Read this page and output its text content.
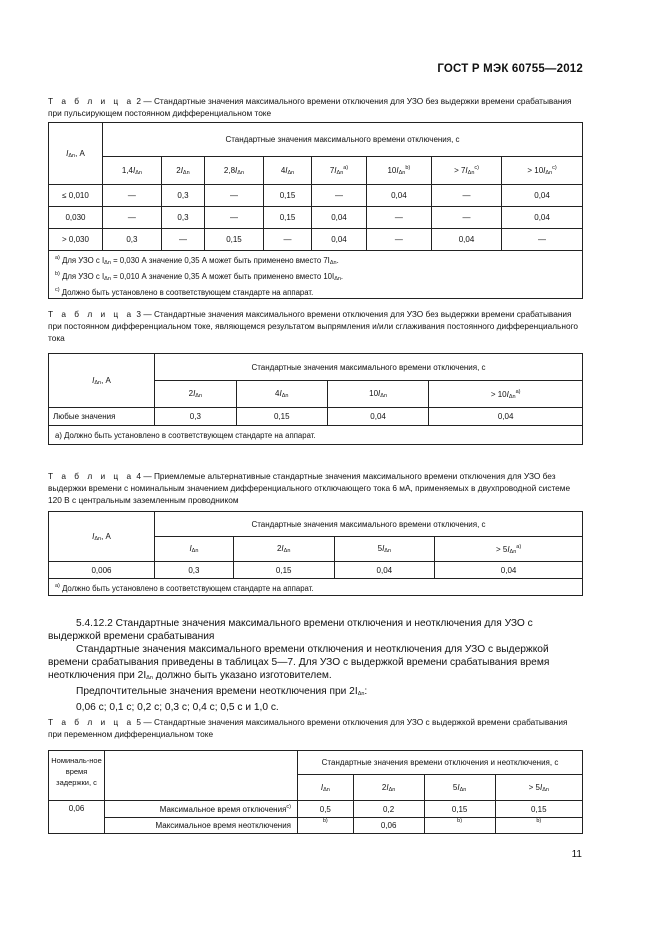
ГОСТ Р МЭК 60755—2012
Т а б л и ц а 2 — Стандартные значения максимального времени отключения для УЗО без выдержки времени срабатывания при пульсирующем постоянном дифференциальном токе
$I_{\Delta n}$, А	Стандартные значения максимального времени отключения, с							
	$1,4I_{\Delta n}$	$2I_{\Delta n}$	$2,8I_{\Delta n}$	$4I_{\Delta n}$	$7I_{\Delta n}^{a)}$	$10I_{\Delta n}^{b)}$	> $7I_{\Delta n}^{c)}$	> $10I_{\Delta n}^{c)}$
≤ 0,010	—	0,3	—	0,15	—	0,04	—	0,04
0,030	—	0,3	—	0,15	0,04	—	—	0,04
> 0,030	0,3	—	0,15	—	0,04	—	0,04	—

$^{a)}$ Для УЗО с $I_{\Delta n} = 0,030$ А значение 0,35 А может быть применено вместо $7I_{\Delta n}$.
$^{b)}$ Для УЗО с $I_{\Delta n} = 0,010$ А значение 0,35 А может быть применено вместо $10I_{\Delta n}$.
$^{c)}$ Должно быть установлено в соответствующем стандарте на аппарат.								
Т а б л и ц а 3 — Стандартные значения максимального времени отключения для УЗО без выдержки времени срабатывания при постоянном дифференциальном токе, являющемся результатом выпрямления и/или сглаживания постоянного дифференциального тока
$I_{\Delta n}$, А	Стандартные значения максимального времени отключения, с			
	$2I_{\Delta n}$	$4I_{\Delta n}$	$10I_{\Delta n}$	> $10I_{\Delta n}^{a)}$
Любые значения	0,3	0,15	0,04	0,04
a) Должно быть установлено в соответствующем стандарте на аппарат.				
Т а б л и ц а 4 — Приемлемые альтернативные стандартные значения максимального времени отключения для УЗО без выдержки времени с номинальным значением дифференциального отключающего тока 6 мА, применяемых в двухпроводной системе 120 В с центральным заземленным проводником
$I_{\Delta n}$, А	Стандартные значения максимального времени отключения, с			
	$I_{\Delta n}$	$2I_{\Delta n}$	$5I_{\Delta n}$	> $5I_{\Delta n}^{a)}$
0,006	0,3	0,15	0,04	0,04
$^{a)}$ Должно быть установлено в соответствующем стандарте на аппарат.				
5.4.12.2 Стандартные значения максимального времени отключения и неотключения для УЗО с выдержкой времени срабатывания
Стандартные значения максимального времени отключения и неотключения для УЗО с выдержкой времени срабатывания приведены в таблицах 5—7. Для УЗО с выдержкой времени срабатывания время неотключения при $2I_{\Delta n}$ должно быть указано изготовителем.
Предпочтительные значения времени неотключения при $2I_{\Delta n}$:
0,06 с; 0,1 с; 0,2 с; 0,3 с; 0,4 с; 0,5 с и 1,0 с.
Т а б л и ц а 5 — Стандартные значения максимального времени отключения для УЗО с выдержкой времени срабатывания при переменном дифференциальном токе
Номиналь-ное время задержки, с		Стандартные значения времени отключения и неотключения, с			
		$I_{\Delta n}$	$2I_{\Delta n}$	$5I_{\Delta n}$	> $5I_{\Delta n}$
0,06	Максимальное время отключения$^{c)}$	0,5	0,2	0,15	0,15
	Максимальное время неотключения	b)	0,06	b)	b)
11
